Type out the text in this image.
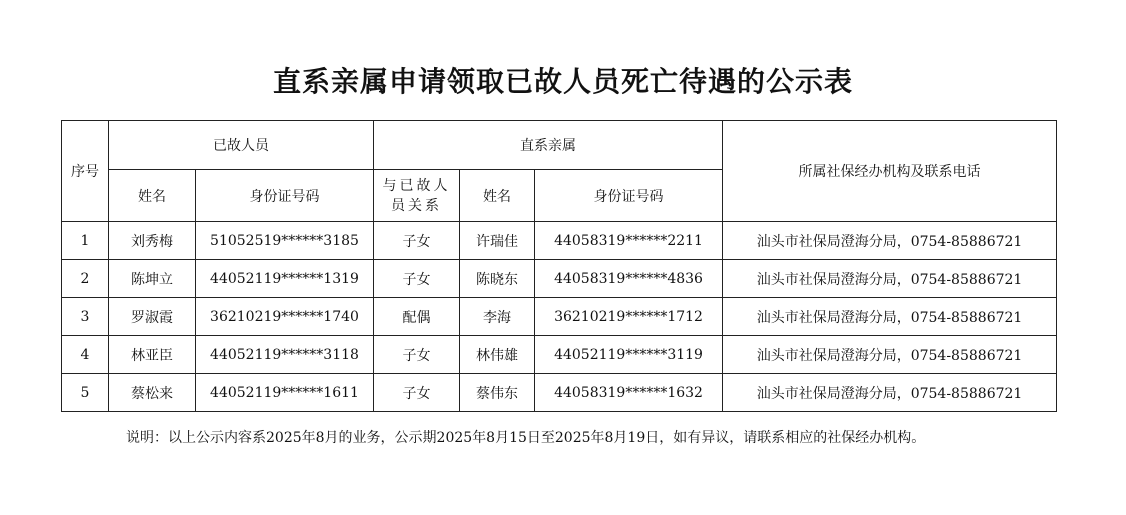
直系亲属申请领取已故人员死亡待遇的公示表
序号	已故人员		直系亲属			所属社保经办机构及联系电话
	姓名	身份证号码	与已故人员关系	姓名	身份证号码	
1	刘秀梅	51052519******3185	子女	许瑞佳	44058319******2211	汕头市社保局澄海分局，0754-85886721
2	陈坤立	44052119******1319	子女	陈晓东	44058319******4836	汕头市社保局澄海分局，0754-85886721
3	罗淑霞	36210219******1740	配偶	李海	36210219******1712	汕头市社保局澄海分局，0754-85886721
4	林亚臣	44052119******3118	子女	林伟雄	44052119******3119	汕头市社保局澄海分局，0754-85886721
5	蔡松来	44052119******1611	子女	蔡伟东	44058319******1632	汕头市社保局澄海分局，0754-85886721
说明：以上公示内容系2025年8月的业务，公示期2025年8月15日至2025年8月19日，如有异议，请联系相应的社保经办机构。
